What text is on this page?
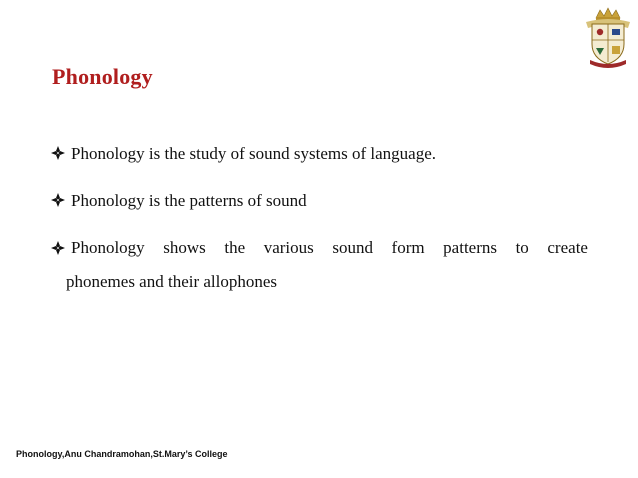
Phonology
Phonology is the study of sound systems of language.
Phonology is the patterns of sound
Phonology shows the various sound form patterns to create
phonemes and their allophones
Phonology,Anu Chandramohan,St.Mary’s College
